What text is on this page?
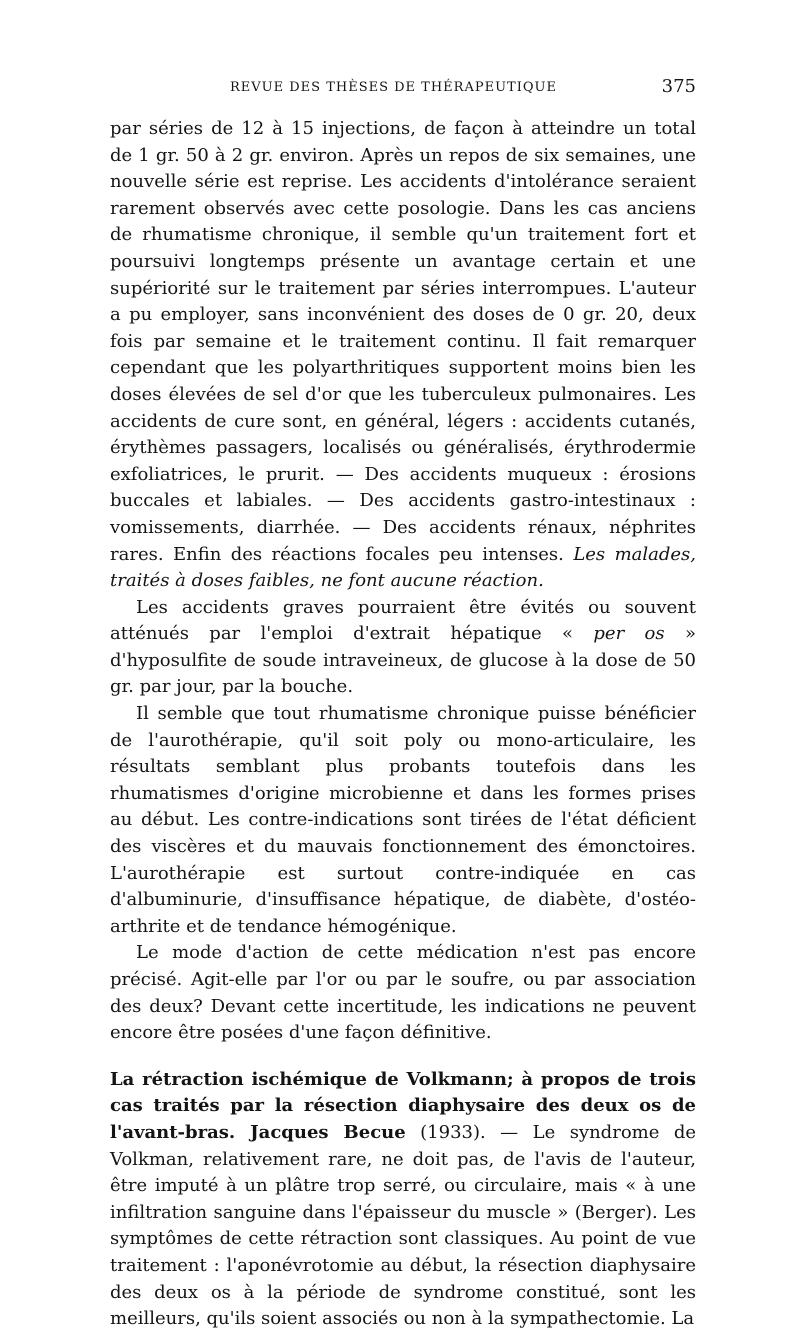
REVUE DES THÈSES DE THÉRAPEUTIQUE	375

par séries de 12 à 15 injections, de façon à atteindre un total de 1 gr. 50 à 2 gr. environ. Après un repos de six semaines, une nouvelle série est reprise. Les accidents d'intolérance seraient rarement observés avec cette posologie. Dans les cas anciens de rhumatisme chronique, il semble qu'un traitement fort et poursuivi longtemps présente un avantage certain et une supériorité sur le traitement par séries interrompues. L'auteur a pu employer, sans inconvénient des doses de 0 gr. 20, deux fois par semaine et le traitement continu. Il fait remarquer cependant que les polyarthritiques supportent moins bien les doses élevées de sel d'or que les tuberculeux pulmonaires. Les accidents de cure sont, en général, légers : accidents cutanés, érythèmes passagers, localisés ou généralisés, érythrodermie exfoliatrices, le prurit. — Des accidents muqueux : érosions buccales et labiales. — Des accidents gastro-intestinaux : vomissements, diarrhée. — Des accidents rénaux, néphrites rares. Enfin des réactions focales peu intenses. Les malades, traités à doses faibles, ne font aucune réaction.

Les accidents graves pourraient être évités ou souvent atténués par l'emploi d'extrait hépatique « per os » d'hyposulfite de soude intraveineux, de glucose à la dose de 50 gr. par jour, par la bouche.

Il semble que tout rhumatisme chronique puisse bénéficier de l'aurothérapie, qu'il soit poly ou mono-articulaire, les résultats semblant plus probants toutefois dans les rhumatismes d'origine microbienne et dans les formes prises au début. Les contre-indications sont tirées de l'état déficient des viscères et du mauvais fonctionnement des émonctoires. L'aurothérapie est surtout contre-indiquée en cas d'albuminurie, d'insuffisance hépatique, de diabète, d'ostéo-arthrite et de tendance hémogénique.

Le mode d'action de cette médication n'est pas encore précisé. Agit-elle par l'or ou par le soufre, ou par association des deux? Devant cette incertitude, les indications ne peuvent encore être posées d'une façon définitive.

La rétraction ischémique de Volkmann; à propos de trois cas traités par la résection diaphysaire des deux os de l'avant-bras. Jacques Becue (1933). — Le syndrome de Volkman, relativement rare, ne doit pas, de l'avis de l'auteur, être imputé à un plâtre trop serré, ou circulaire, mais « à une infiltration sanguine dans l'épaisseur du muscle » (Berger). Les symptômes de cette rétraction sont classiques. Au point de vue traitement : l'aponévrotomie au début, la résection diaphysaire des deux os à la période de syndrome constitué, sont les meilleurs, qu'ils soient associés ou non à la sympathectomie. La
